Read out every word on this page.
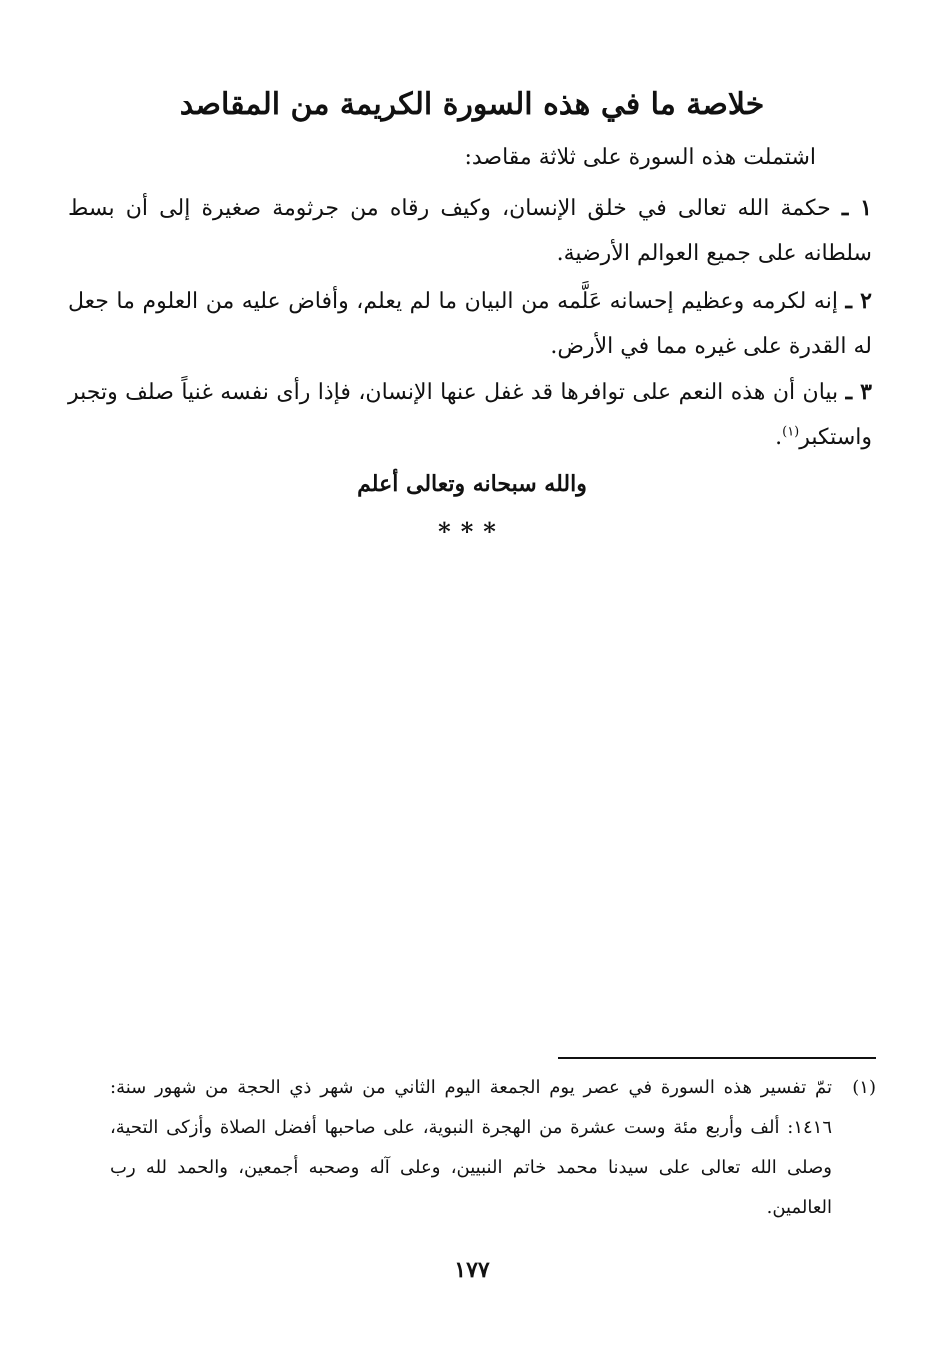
خلاصة ما في هذه السورة الكريمة من المقاصد
اشتملت هذه السورة على ثلاثة مقاصد:
١ ـ حكمة الله تعالى في خلق الإنسان، وكيف رقاه من جرثومة صغيرة إلى أن بسط سلطانه على جميع العوالم الأرضية.
٢ ـ إنه لكرمه وعظيم إحسانه عَلَّمه من البيان ما لم يعلم، وأفاض عليه من العلوم ما جعل له القدرة على غيره مما في الأرض.
٣ ـ بيان أن هذه النعم على توافرها قد غفل عنها الإنسان، فإذا رأى نفسه غنياً صلف وتجبر واستكبر$^{(١)}$.
والله سبحانه وتعالى أعلم
***
(١)
تمّ تفسير هذه السورة في عصر يوم الجمعة اليوم الثاني من شهر ذي الحجة من شهور سنة: ١٤١٦: ألف وأربع مئة وست عشرة من الهجرة النبوية، على صاحبها أفضل الصلاة وأزكى التحية، وصلى الله تعالى على سيدنا محمد خاتم النبيين، وعلى آله وصحبه أجمعين، والحمد لله رب العالمين.
١٧٧
